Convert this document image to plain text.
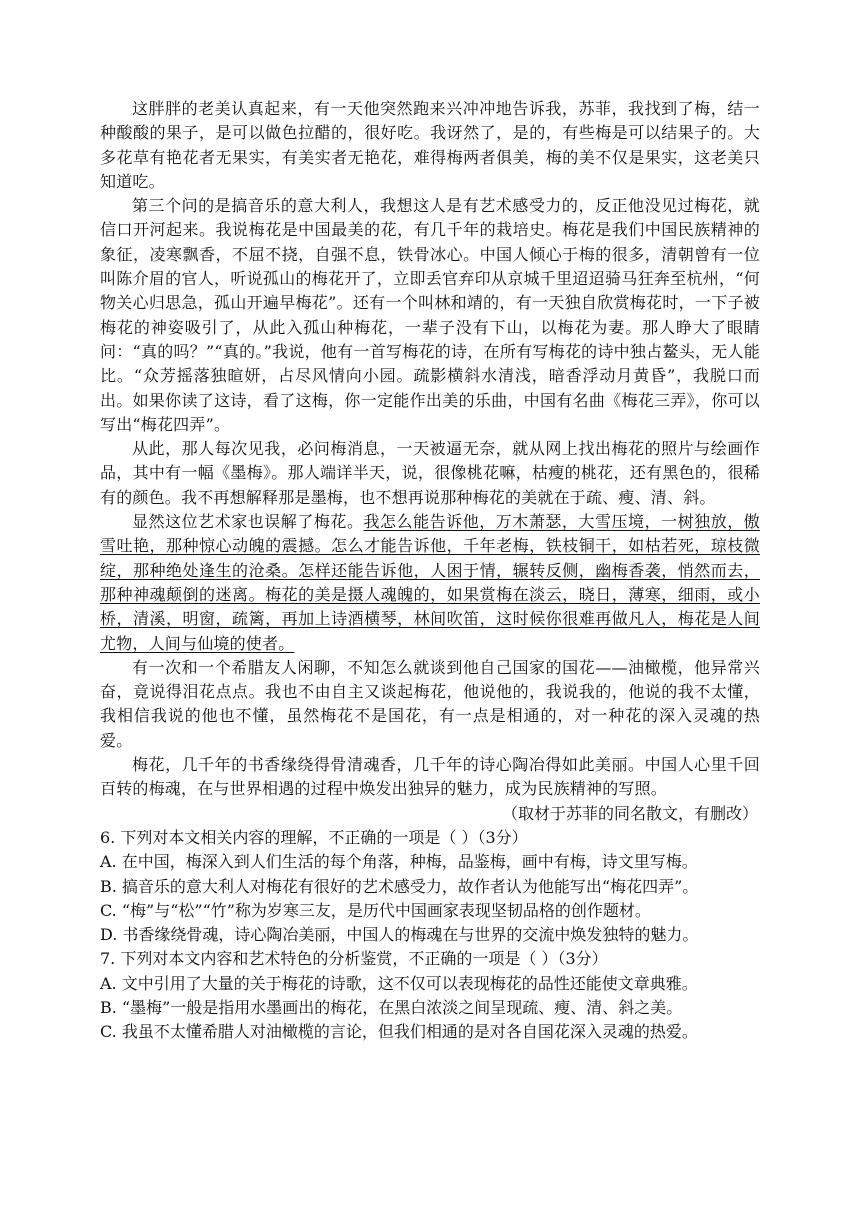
这胖胖的老美认真起来，有一天他突然跑来兴冲冲地告诉我，苏菲，我找到了梅，结一种酸酸的果子，是可以做色拉醋的，很好吃。我讶然了，是的，有些梅是可以结果子的。大多花草有艳花者无果实，有美实者无艳花，难得梅两者俱美，梅的美不仅是果实，这老美只知道吃。

第三个问的是搞音乐的意大利人，我想这人是有艺术感受力的，反正他没见过梅花，就信口开河起来。我说梅花是中国最美的花，有几千年的栽培史。梅花是我们中国民族精神的象征，凌寒飘香，不屈不挠，自强不息，铁骨冰心。中国人倾心于梅的很多，清朝曾有一位叫陈介眉的官人，听说孤山的梅花开了，立即丢官弃印从京城千里迢迢骑马狂奔至杭州，“何物关心归思急，孤山开遍早梅花”。还有一个叫林和靖的，有一天独自欣赏梅花时，一下子被梅花的神姿吸引了，从此入孤山种梅花，一辈子没有下山，以梅花为妻。那人睁大了眼睛问：“真的吗？”“真的。”我说，他有一首写梅花的诗，在所有写梅花的诗中独占鳌头，无人能比。“众芳摇落独暄妍，占尽风情向小园。疏影横斜水清浅，暗香浮动月黄昏”，我脱口而出。如果你读了这诗，看了这梅，你一定能作出美的乐曲，中国有名曲《梅花三弄》，你可以写出“梅花四弄”。

从此，那人每次见我，必问梅消息，一天被逼无奈，就从网上找出梅花的照片与绘画作品，其中有一幅《墨梅》。那人端详半天，说，很像桃花嘛，枯瘦的桃花，还有黑色的，很稀有的颜色。我不再想解释那是墨梅，也不想再说那种梅花的美就在于疏、瘦、清、斜。

显然这位艺术家也误解了梅花。我怎么能告诉他，万木萧瑟，大雪压境，一树独放，傲雪吐艳，那种惊心动魄的震撼。怎么才能告诉他，千年老梅，铁枝铜干，如枯若死，琼枝微绽，那种绝处逢生的沧桑。怎样还能告诉他，人困于情，辗转反侧，幽梅香袭，悄然而去，那种神魂颠倒的迷离。梅花的美是摄人魂魄的，如果赏梅在淡云，晓日，薄寒，细雨，或小桥，清溪，明窗，疏篱，再加上诗酒横琴，林间吹笛，这时候你很难再做凡人，梅花是人间尤物，人间与仙境的使者。

有一次和一个希腊友人闲聊，不知怎么就谈到他自己国家的国花——油橄榄，他异常兴奋，竟说得泪花点点。我也不由自主又谈起梅花，他说他的，我说我的，他说的我不太懂，我相信我说的他也不懂，虽然梅花不是国花，有一点是相通的，对一种花的深入灵魂的热爱。

梅花，几千年的书香缘绕得骨清魂香，几千年的诗心陶冶得如此美丽。中国人心里千回百转的梅魂，在与世界相遇的过程中焕发出独异的魅力，成为民族精神的写照。

（取材于苏菲的同名散文，有删改）

6. 下列对本文相关内容的理解，不正确的一项是（ ）（3分）

A. 在中国，梅深入到人们生活的每个角落，种梅，品鉴梅，画中有梅，诗文里写梅。

B. 搞音乐的意大利人对梅花有很好的艺术感受力，故作者认为他能写出“梅花四弄”。

C. “梅”与“松”“竹”称为岁寒三友，是历代中国画家表现坚韧品格的创作题材。

D. 书香缘绕骨魂，诗心陶冶美丽，中国人的梅魂在与世界的交流中焕发独特的魅力。

7. 下列对本文内容和艺术特色的分析鉴赏，不正确的一项是（ ）（3分）

A. 文中引用了大量的关于梅花的诗歌，这不仅可以表现梅花的品性还能使文章典雅。

B. “墨梅”一般是指用水墨画出的梅花，在黑白浓淡之间呈现疏、瘦、清、斜之美。

C. 我虽不太懂希腊人对油橄榄的言论，但我们相通的是对各自国花深入灵魂的热爱。
